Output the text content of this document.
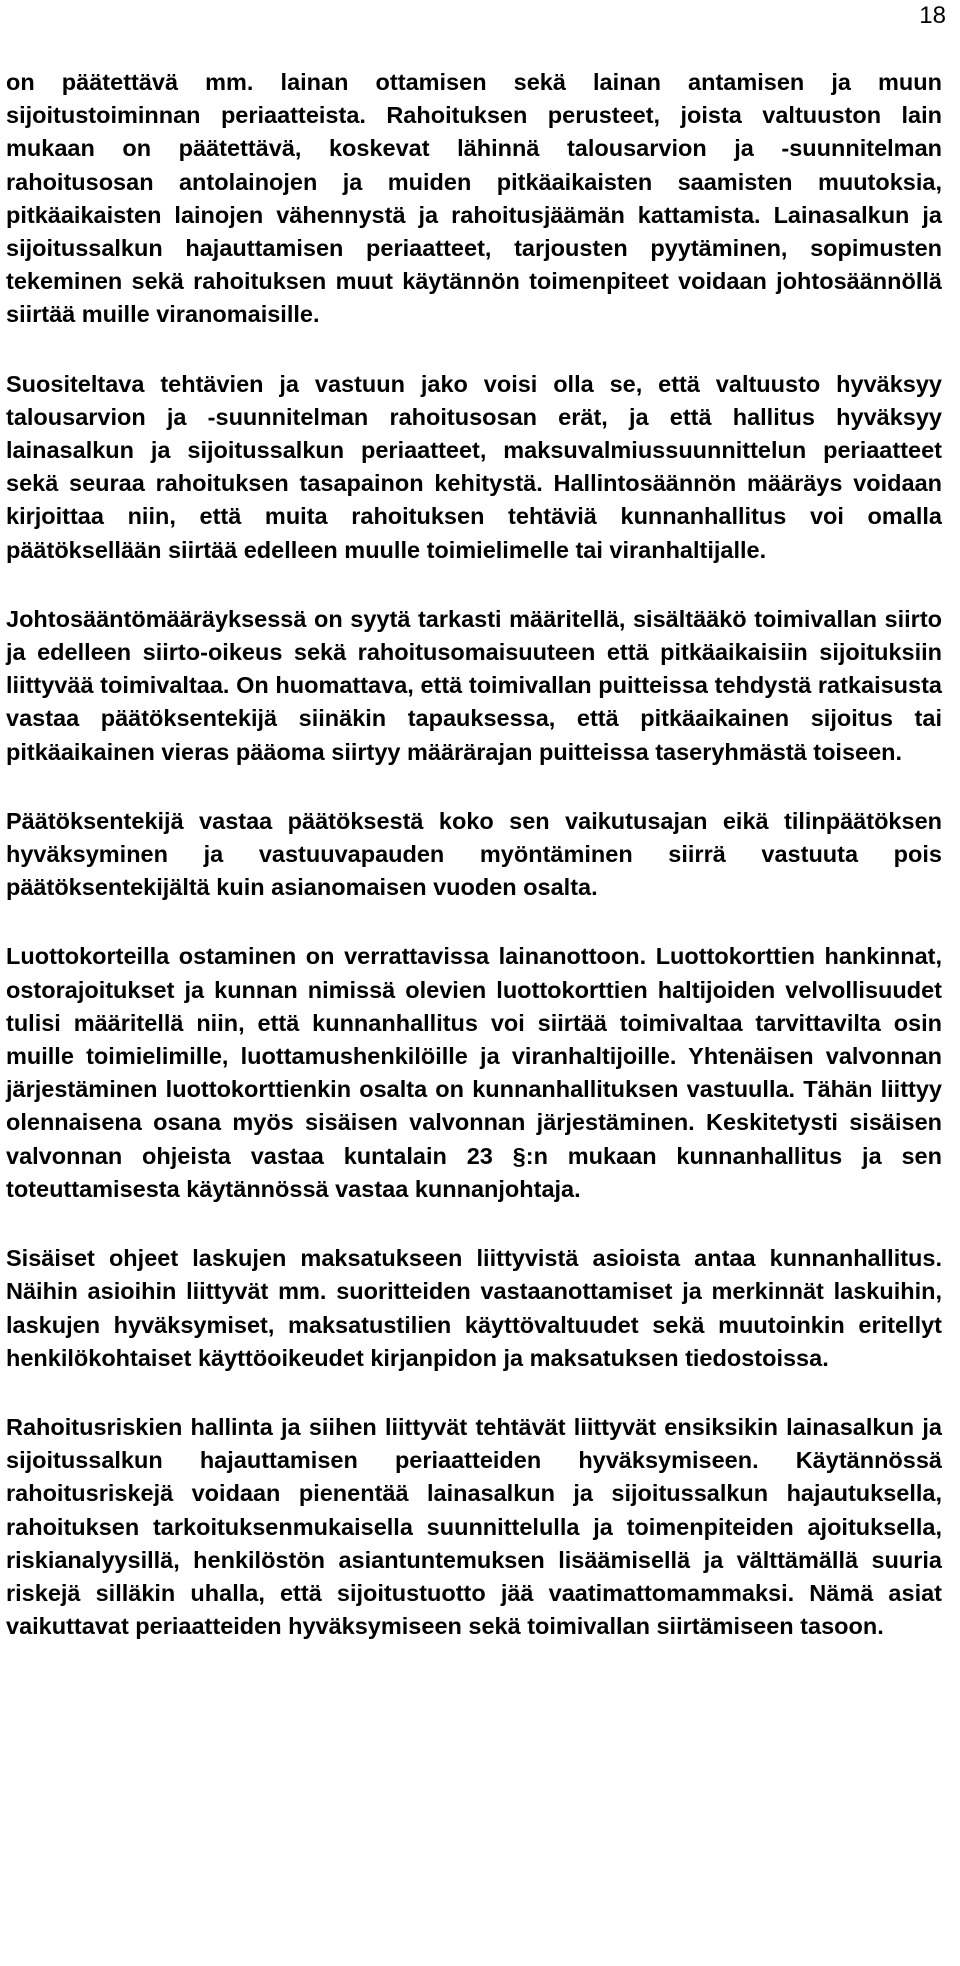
18

on päätettävä mm. lainan ottamisen sekä lainan antamisen ja muun sijoitustoiminnan periaatteista. Rahoituksen perusteet, joista valtuuston lain mukaan on päätettävä, koskevat lähinnä talousarvion ja -suunnitelman rahoitusosan antolainojen ja muiden pitkäaikaisten saamisten muutoksia, pitkäaikaisten lainojen vähennystä ja rahoitusjäämän kattamista. Lainasalkun ja sijoitussalkun hajauttamisen periaatteet, tarjousten pyytäminen, sopimusten tekeminen sekä rahoituksen muut käytännön toimenpiteet voidaan johtosäännöllä siirtää muille viranomaisille.

Suositeltava tehtävien ja vastuun jako voisi olla se, että valtuusto hyväksyy talousarvion ja -suunnitelman rahoitusosan erät, ja että hallitus hyväksyy lainasalkun ja sijoitussalkun periaatteet, maksuvalmiussuunnittelun periaatteet sekä seuraa rahoituksen tasapainon kehitystä. Hallintosäännön määräys voidaan kirjoittaa niin, että muita rahoituksen tehtäviä kunnanhallitus voi omalla päätöksellään siirtää edelleen muulle toimielimelle tai viranhaltijalle.

Johtosääntömääräyksessä on syytä tarkasti määritellä, sisältääkö toimivallan siirto ja edelleen siirto-oikeus sekä rahoitusomaisuuteen että pitkäaikaisiin sijoituksiin liittyvää toimivaltaa. On huomattava, että toimivallan puitteissa tehdystä ratkaisusta vastaa päätöksentekijä siinäkin tapauksessa, että pitkäaikainen sijoitus tai pitkäaikainen vieras pääoma siirtyy määrärajan puitteissa taseryhmästä toiseen.

Päätöksentekijä vastaa päätöksestä koko sen vaikutusajan eikä tilinpäätöksen hyväksyminen ja vastuuvapauden myöntäminen siirrä vastuuta pois päätöksentekijältä kuin asianomaisen vuoden osalta.

Luottokorteilla ostaminen on verrattavissa lainanottoon. Luottokorttien hankinnat, ostorajoitukset ja kunnan nimissä olevien luottokorttien haltijoiden velvollisuudet tulisi määritellä niin, että kunnanhallitus voi siirtää toimivaltaa tarvittavilta osin muille toimielimille, luottamushenkilöille ja viranhaltijoille. Yhtenäisen valvonnan järjestäminen luottokorttienkin osalta on kunnanhallituksen vastuulla. Tähän liittyy olennaisena osana myös sisäisen valvonnan järjestäminen. Keskitetysti sisäisen valvonnan ohjeista vastaa kuntalain 23 §:n mukaan kunnanhallitus ja sen toteuttamisesta käytännössä vastaa kunnanjohtaja.

Sisäiset ohjeet laskujen maksatukseen liittyvistä asioista antaa kunnanhallitus. Näihin asioihin liittyvät mm. suoritteiden vastaanottamiset ja merkinnät laskuihin, laskujen hyväksymiset, maksatustilien käyttövaltuudet sekä muutoinkin eritellyt henkilökohtaiset käyttöoikeudet kirjanpidon ja maksatuksen tiedostoissa.

Rahoitusriskien hallinta ja siihen liittyvät tehtävät liittyvät ensiksikin lainasalkun ja sijoitussalkun hajauttamisen periaatteiden hyväksymiseen. Käytännössä rahoitusriskejä voidaan pienentää lainasalkun ja sijoitussalkun hajautuksella, rahoituksen tarkoituksenmukaisella suunnittelulla ja toimenpiteiden ajoituksella, riskianalyysillä, henkilöstön asiantuntemuksen lisäämisellä ja välttämällä suuria riskejä silläkin uhalla, että sijoitustuotto jää vaatimattomammaksi. Nämä asiat vaikuttavat periaatteiden hyväksymiseen sekä toimivallan siirtämiseen tasoon.
